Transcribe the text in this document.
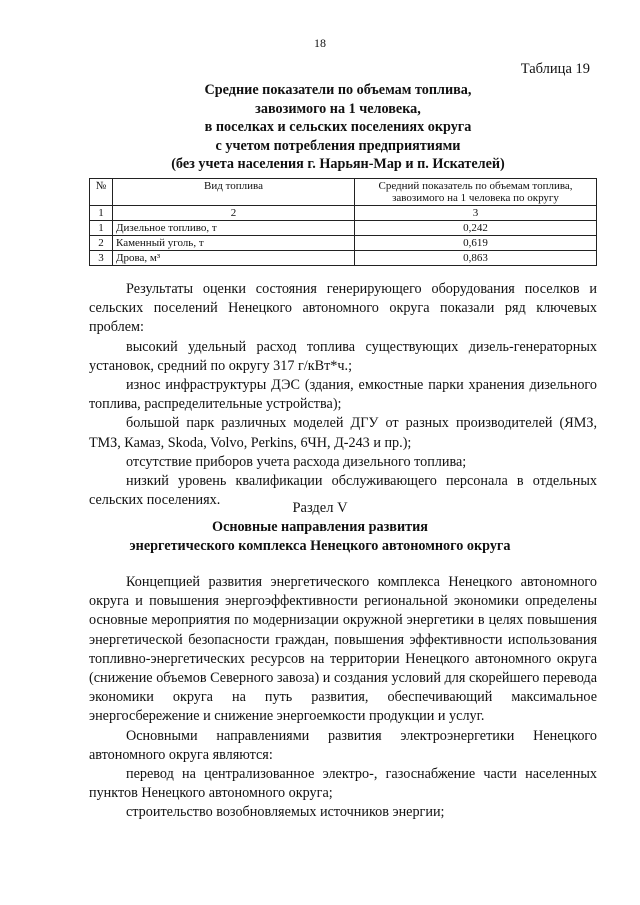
18
Таблица 19
Средние показатели по объемам топлива,
завозимого на 1 человека,
в поселках и сельских поселениях округа
с учетом потребления предприятиями
(без учета населения г. Нарьян-Мар и п. Искателей)
№	Вид топлива	Средний показатель по объемам топлива, завозимого на 1 человека по округу
1	2	3
1	Дизельное топливо, т	0,242
2	Каменный уголь, т	0,619
3	Дрова, м³	0,863

Результаты оценки состояния генерирующего оборудования поселков и сельских поселений Ненецкого автономного округа показали ряд ключевых проблем:

высокий удельный расход топлива существующих дизель-генераторных установок, средний по округу 317 г/кВт*ч.;

износ инфраструктуры ДЭС (здания, емкостные парки хранения дизельного топлива, распределительные устройства);

большой парк различных моделей ДГУ от разных производителей (ЯМЗ, ТМЗ, Камаз, Skoda, Volvo, Perkins, 6ЧН, Д-243 и пр.);

отсутствие приборов учета расхода дизельного топлива;

низкий уровень квалификации обслуживающего персонала в отдельных сельских поселениях.	Раздел V
Основные направления развития
энергетического комплекса Ненецкого автономного округа

Концепцией развития энергетического комплекса Ненецкого автономного округа и повышения энергоэффективности региональной экономики определены основные мероприятия по модернизации окружной энергетики в целях повышения энергетической безопасности граждан, повышения эффективности использования топливно-энергетических ресурсов на территории Ненецкого автономного округа (снижение объемов Северного завоза) и создания условий для скорейшего перевода экономики округа на путь развития, обеспечивающий максимальное энергосбережение и снижение энергоемкости продукции и услуг.

Основными направлениями развития электроэнергетики Ненецкого автономного округа являются:

перевод на централизованное электро-, газоснабжение части населенных пунктов Ненецкого автономного округа;

строительство возобновляемых источников энергии;
